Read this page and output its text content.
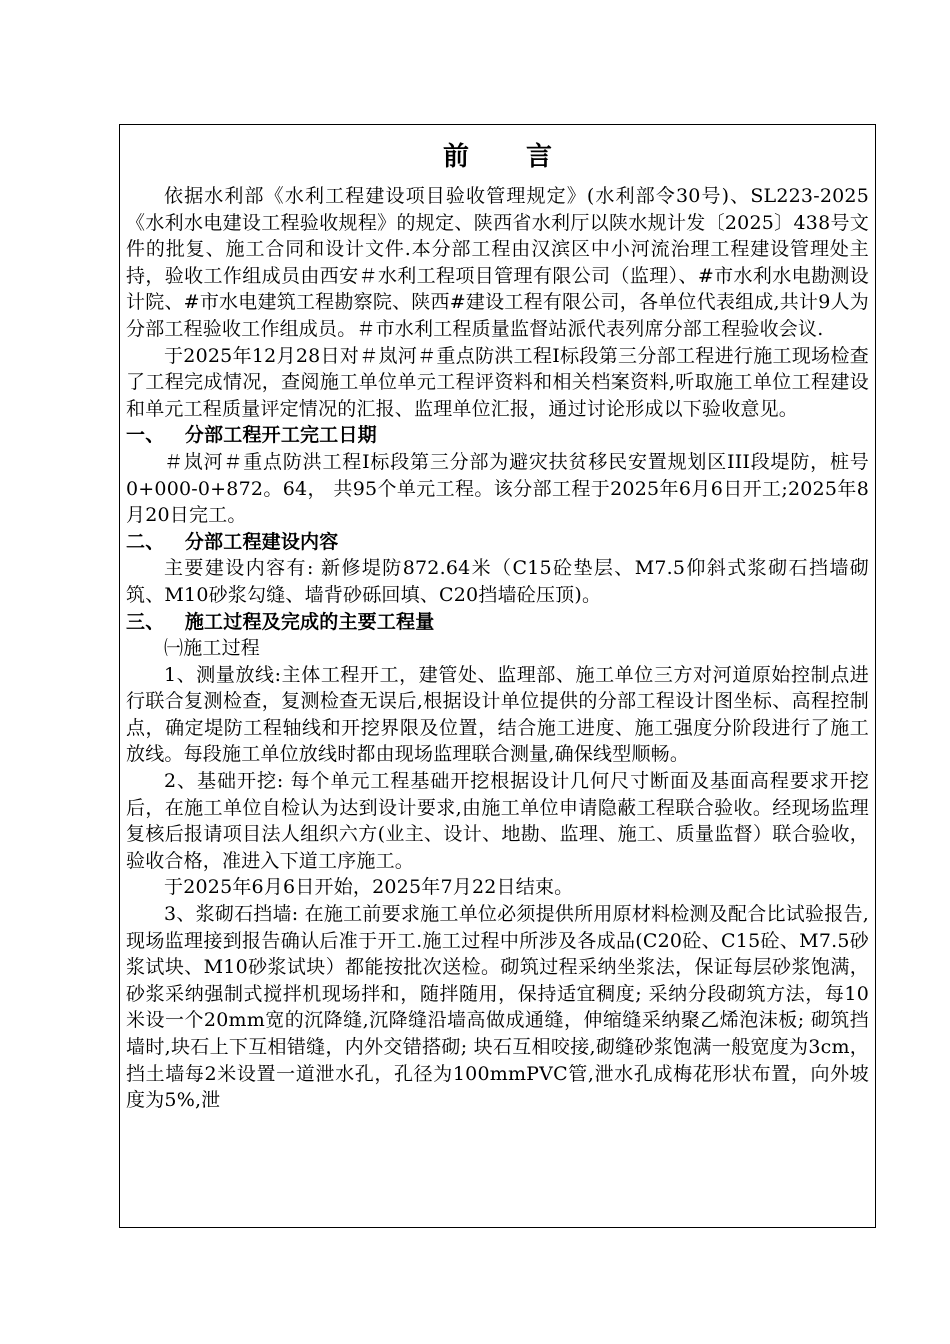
前 言

依据水利部《水利工程建设项目验收管理规定》(水利部令30号)、SL223-2025《水利水电建设工程验收规程》的规定、陕西省水利厅以陕水规计发〔2025〕438号文件的批复、施工合同和设计文件.本分部工程由汉滨区中小河流治理工程建设管理处主持，验收工作组成员由西安＃水利工程项目管理有限公司（监理）、#市水利水电勘测设计院、#市水电建筑工程勘察院、陕西#建设工程有限公司，各单位代表组成,共计9人为分部工程验收工作组成员。＃市水利工程质量监督站派代表列席分部工程验收会议.

于2025年12月28日对＃岚河＃重点防洪工程Ⅰ标段第三分部工程进行施工现场检查了工程完成情况，查阅施工单位单元工程评资料和相关档案资料,听取施工单位工程建设和单元工程质量评定情况的汇报、监理单位汇报，通过讨论形成以下验收意见。

一、   分部工程开工完工日期

＃岚河＃重点防洪工程Ⅰ标段第三分部为避灾扶贫移民安置规划区III段堤防，桩号0+000-0+872。64， 共95个单元工程。该分部工程于2025年6月6日开工;2025年8月20日完工。

二、   分部工程建设内容

主要建设内容有: 新修堤防872.64米（C15砼垫层、M7.5仰斜式浆砌石挡墙砌筑、M10砂浆勾缝、墙背砂砾回填、C20挡墙砼压顶)。

三、   施工过程及完成的主要工程量

㈠施工过程

1、测量放线:主体工程开工，建管处、监理部、施工单位三方对河道原始控制点进行联合复测检查，复测检查无误后,根据设计单位提供的分部工程设计图坐标、高程控制点，确定堤防工程轴线和开挖界限及位置，结合施工进度、施工强度分阶段进行了施工放线。每段施工单位放线时都由现场监理联合测量,确保线型顺畅。

2、基础开挖: 每个单元工程基础开挖根据设计几何尺寸断面及基面高程要求开挖后，在施工单位自检认为达到设计要求,由施工单位申请隐蔽工程联合验收。经现场监理复核后报请项目法人组织六方(业主、设计、地勘、监理、施工、质量监督）联合验收，验收合格，准进入下道工序施工。

于2025年6月6日开始，2025年7月22日结束。

3、浆砌石挡墙: 在施工前要求施工单位必须提供所用原材料检测及配合比试验报告,现场监理接到报告确认后准于开工.施工过程中所涉及各成品(C20砼、C15砼、M7.5砂浆试块、M10砂浆试块）都能按批次送检。砌筑过程采纳坐浆法，保证每层砂浆饱满，砂浆采纳强制式搅拌机现场拌和，随拌随用，保持适宜稠度; 采纳分段砌筑方法，每10米设一个20mm宽的沉降缝,沉降缝沿墙高做成通缝，伸缩缝采纳聚乙烯泡沫板; 砌筑挡墙时,块石上下互相错缝，内外交错搭砌; 块石互相咬接,砌缝砂浆饱满一般宽度为3cm，挡土墙每2米设置一道泄水孔，孔径为100mmPVC管,泄水孔成梅花形状布置，向外坡度为5%,泄
